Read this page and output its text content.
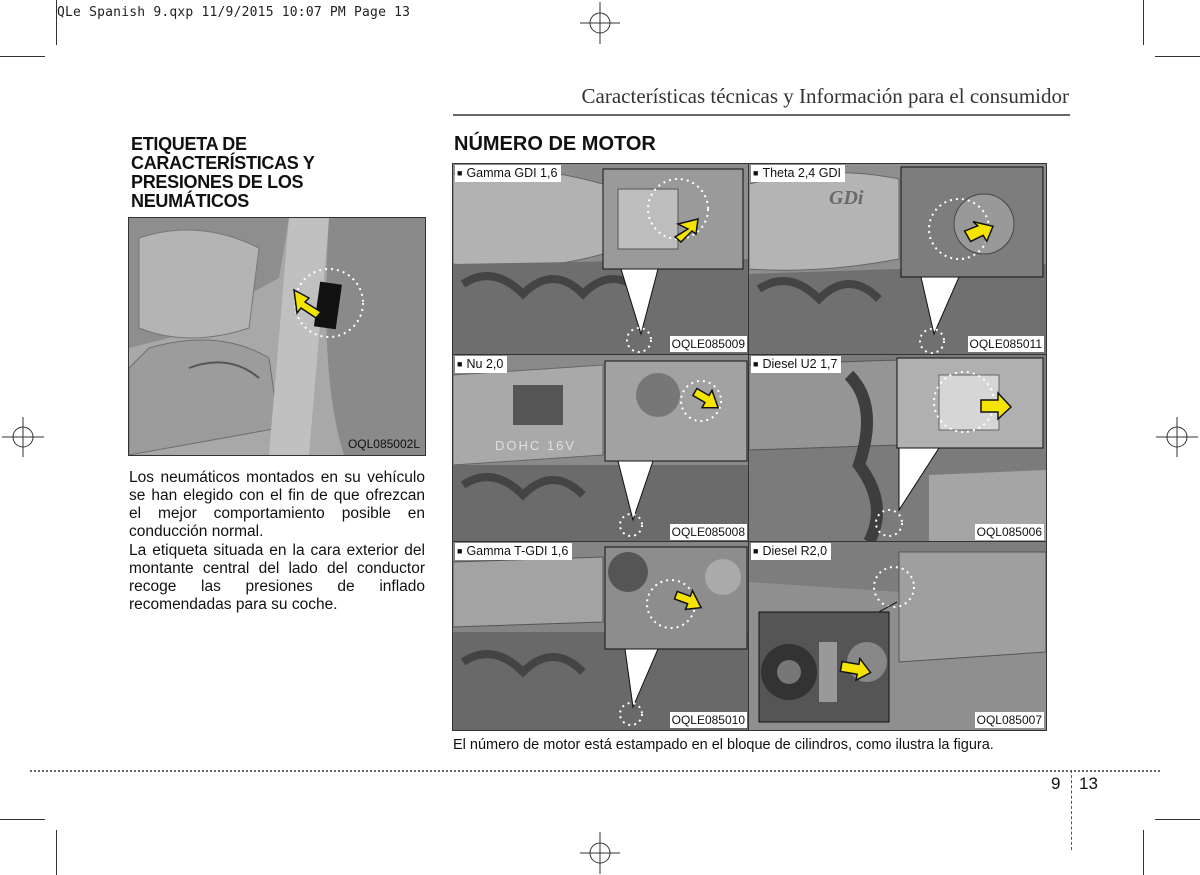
QLe Spanish 9.qxp 11/9/2015 10:07 PM Page 13
Características técnicas y Información para el consumidor
ETIQUETA DE
CARACTERÍSTICAS Y
PRESIONES DE LOS
NEUMÁTICOS
OQL085002L

Los neumáticos montados en su vehículo se han elegido con el fin de que ofrezcan el mejor comportamiento posible en conducción normal.

La etiqueta situada en la cara exterior del montante central del lado del conductor recoge las presiones de inflado recomendadas para su coche.

NÚMERO DE MOTOR
■ Gamma GDI 1,6
OQLE085009
GDi
■ Theta 2,4 GDI
OQLE085011
DOHC 16V
■ Nu 2,0
OQLE085008
■ Diesel U2 1,7
OQL085006
■ Gamma T-GDI 1,6
OQLE085010
■ Diesel R2,0
OQL085007
El número de motor está estampado en el bloque de cilindros, como ilustra la figura.
9 13
